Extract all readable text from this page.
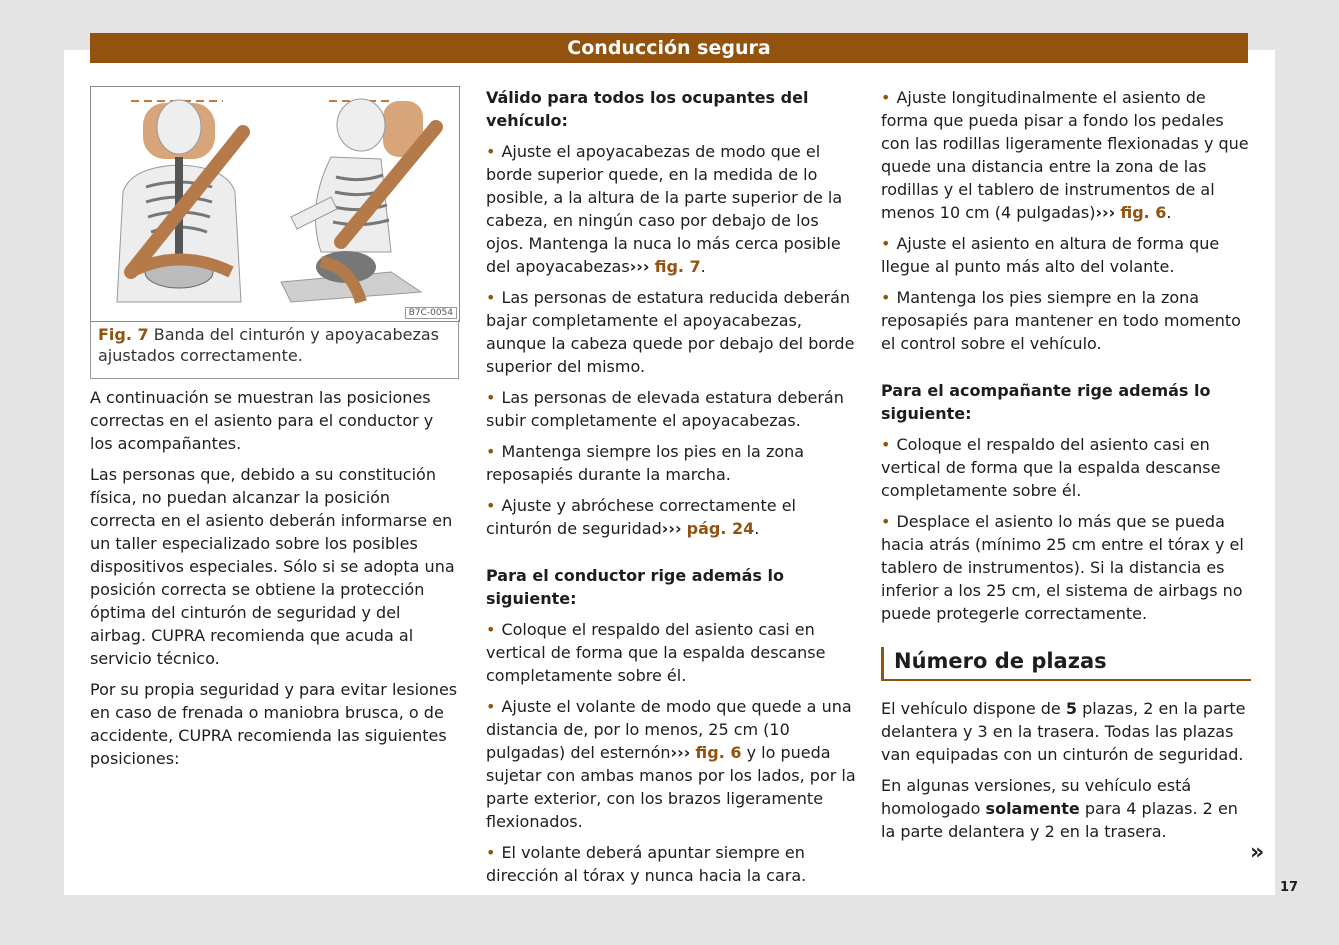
Conducción segura
B7C-0054
Fig. 7 Banda del cinturón y apoyacabezas ajustados correctamente.

A continuación se muestran las posiciones correctas en el asiento para el conductor y los acompañantes.

Las personas que, debido a su constitución física, no puedan alcanzar la posición correcta en el asiento deberán informarse en un taller especializado sobre los posibles dispositivos especiales. Sólo si se adopta una posición correcta se obtiene la protección óptima del cinturón de seguridad y del airbag. CUPRA recomienda que acuda al servicio técnico.

Por su propia seguridad y para evitar lesiones en caso de frenada o maniobra brusca, o de accidente, CUPRA recomienda las siguientes posiciones:

Válido para todos los ocupantes del vehículo:

• Ajuste el apoyacabezas de modo que el borde superior quede, en la medida de lo posible, a la altura de la parte superior de la cabeza, en ningún caso por debajo de los ojos. Mantenga la nuca lo más cerca posible del apoyacabezas››› fig. 7.

• Las personas de estatura reducida deberán bajar completamente el apoyacabezas, aunque la cabeza quede por debajo del borde superior del mismo.

• Las personas de elevada estatura deberán subir completamente el apoyacabezas.

• Mantenga siempre los pies en la zona reposapiés durante la marcha.

• Ajuste y abróchese correctamente el cinturón de seguridad››› pág. 24.

Para el conductor rige además lo siguiente:

• Coloque el respaldo del asiento casi en vertical de forma que la espalda descanse completamente sobre él.

• Ajuste el volante de modo que quede a una distancia de, por lo menos, 25 cm (10 pulgadas) del esternón››› fig. 6 y lo pueda sujetar con ambas manos por los lados, por la parte exterior, con los brazos ligeramente flexionados.

• El volante deberá apuntar siempre en dirección al tórax y nunca hacia la cara.

• Ajuste longitudinalmente el asiento de forma que pueda pisar a fondo los pedales con las rodillas ligeramente flexionadas y que quede una distancia entre la zona de las rodillas y el tablero de instrumentos de al menos 10 cm (4 pulgadas)››› fig. 6.

• Ajuste el asiento en altura de forma que llegue al punto más alto del volante.

• Mantenga los pies siempre en la zona reposapiés para mantener en todo momento el control sobre el vehículo.

Para el acompañante rige además lo siguiente:

• Coloque el respaldo del asiento casi en vertical de forma que la espalda descanse completamente sobre él.

• Desplace el asiento lo más que se pueda hacia atrás (mínimo 25 cm entre el tórax y el tablero de instrumentos). Si la distancia es inferior a los 25 cm, el sistema de airbags no puede protegerle correctamente.

Número de plazas

El vehículo dispone de 5 plazas, 2 en la parte delantera y 3 en la trasera. Todas las plazas van equipadas con un cinturón de seguridad.

En algunas versiones, su vehículo está homologado solamente para 4 plazas. 2 en la parte delantera y 2 en la trasera.

»
17
